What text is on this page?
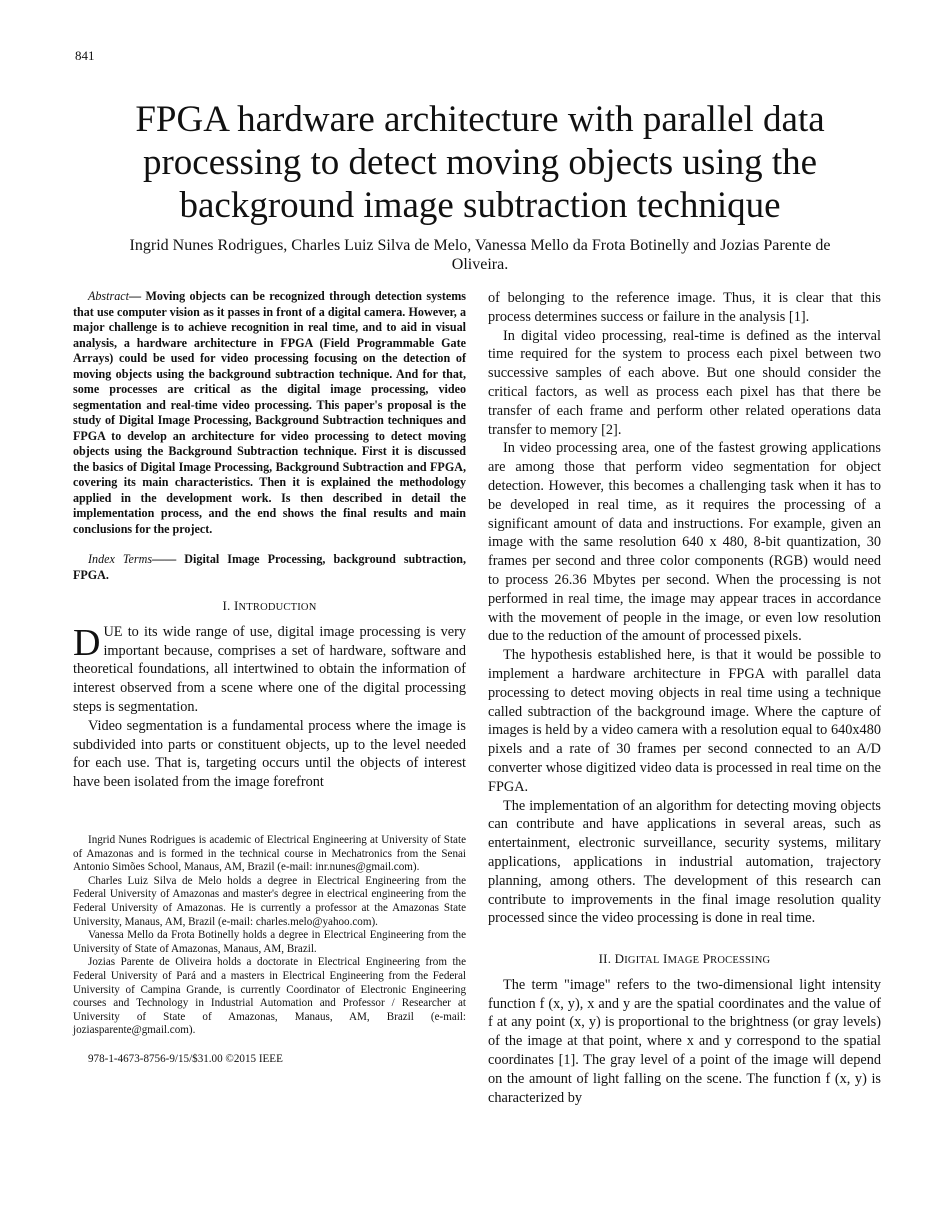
841
FPGA hardware architecture with parallel data processing to detect moving objects using the background image subtraction technique
Ingrid Nunes Rodrigues, Charles Luiz Silva de Melo, Vanessa Mello da Frota Botinelly and Jozias Parente de Oliveira.

Abstract— Moving objects can be recognized through detection systems that use computer vision as it passes in front of a digital camera. However, a major challenge is to achieve recognition in real time, and to aid in visual analysis, a hardware architecture in FPGA (Field Programmable Gate Arrays) could be used for video processing focusing on the detection of moving objects using the background subtraction technique. And for that, some processes are critical as the digital image processing, video segmentation and real-time video processing. This paper's proposal is the study of Digital Image Processing, Background Subtraction techniques and FPGA to develop an architecture for video processing to detect moving objects using the Background Subtraction technique. First it is discussed the basics of Digital Image Processing, Background Subtraction and FPGA, covering its main characteristics. Then it is explained the methodology applied in the development work. Is then described in detail the implementation process, and the end shows the final results and main conclusions for the project.

Index Terms—— Digital Image Processing, background subtraction, FPGA.

I. INTRODUCTION

DUE to its wide range of use, digital image processing is very important because, comprises a set of hardware, software and theoretical foundations, all intertwined to obtain the information of interest observed from a scene where one of the digital processing steps is segmentation.

Video segmentation is a fundamental process where the image is subdivided into parts or constituent objects, up to the level needed for each use. That is, targeting occurs until the objects of interest have been isolated from the image forefront

Ingrid Nunes Rodrigues is academic of Electrical Engineering at University of State of Amazonas and is formed in the technical course in Mechatronics from the Senai Antonio Simões School, Manaus, AM, Brazil (e-mail: inr.nunes@gmail.com).

Charles Luiz Silva de Melo holds a degree in Electrical Engineering from the Federal University of Amazonas and master's degree in electrical engineering from the Federal University of Amazonas. He is currently a professor at the Amazonas State University, Manaus, AM, Brazil (e-mail: charles.melo@yahoo.com).

Vanessa Mello da Frota Botinelly holds a degree in Electrical Engineering from the University of State of Amazonas, Manaus, AM, Brazil.

Jozias Parente de Oliveira holds a doctorate in Electrical Engineering from the Federal University of Pará and a masters in Electrical Engineering from the Federal University of Campina Grande, is currently Coordinator of Electronic Engineering courses and Technology in Industrial Automation and Professor / Researcher at University of State of Amazonas, Manaus, AM, Brazil (e-mail: joziasparente@gmail.com).

978-1-4673-8756-9/15/$31.00 ©2015 IEEE

of belonging to the reference image. Thus, it is clear that this process determines success or failure in the analysis [1].

In digital video processing, real-time is defined as the interval time required for the system to process each pixel between two successive samples of each above. But one should consider the critical factors, as well as process each pixel has that there be transfer of each frame and perform other related operations data transfer to memory [2].

In video processing area, one of the fastest growing applications are among those that perform video segmentation for object detection. However, this becomes a challenging task when it has to be developed in real time, as it requires the processing of a significant amount of data and instructions. For example, given an image with the same resolution 640 x 480, 8-bit quantization, 30 frames per second and three color components (RGB) would need to process 26.36 Mbytes per second. When the processing is not performed in real time, the image may appear traces in accordance with the movement of people in the image, or even low resolution due to the reduction of the amount of processed pixels.

The hypothesis established here, is that it would be possible to implement a hardware architecture in FPGA with parallel data processing to detect moving objects in real time using a technique called subtraction of the background image. Where the capture of images is held by a video camera with a resolution equal to 640x480 pixels and a rate of 30 frames per second connected to an A/D converter whose digitized video data is processed in real time on the FPGA.

The implementation of an algorithm for detecting moving objects can contribute and have applications in several areas, such as entertainment, electronic surveillance, security systems, military applications, applications in industrial automation, trajectory planning, among others. The development of this research can contribute to improvements in the final image resolution quality processed since the video processing is done in real time.

II. DIGITAL IMAGE PROCESSING

The term "image" refers to the two-dimensional light intensity function f (x, y), x and y are the spatial coordinates and the value of f at any point (x, y) is proportional to the brightness (or gray levels) of the image at that point, where x and y correspond to the spatial coordinates [1]. The gray level of a point of the image will depend on the amount of light falling on the scene. The function f (x, y) is characterized by
